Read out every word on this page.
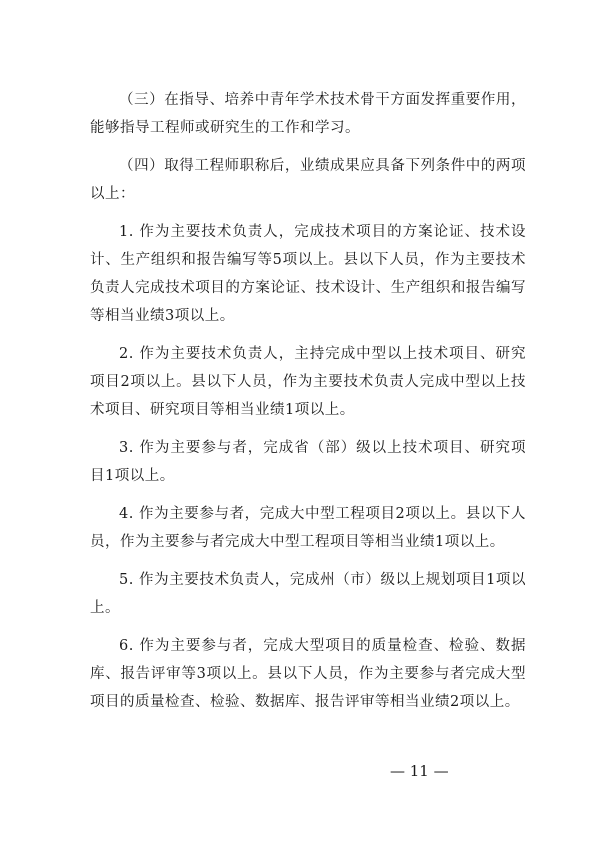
（三）在指导、培养中青年学术技术骨干方面发挥重要作用，能够指导工程师或研究生的工作和学习。

（四）取得工程师职称后，业绩成果应具备下列条件中的两项以上：

1. 作为主要技术负责人，完成技术项目的方案论证、技术设计、生产组织和报告编写等5项以上。县以下人员，作为主要技术负责人完成技术项目的方案论证、技术设计、生产组织和报告编写等相当业绩3项以上。

2. 作为主要技术负责人，主持完成中型以上技术项目、研究项目2项以上。县以下人员，作为主要技术负责人完成中型以上技术项目、研究项目等相当业绩1项以上。

3. 作为主要参与者，完成省（部）级以上技术项目、研究项目1项以上。

4. 作为主要参与者，完成大中型工程项目2项以上。县以下人员，作为主要参与者完成大中型工程项目等相当业绩1项以上。

5. 作为主要技术负责人，完成州（市）级以上规划项目1项以上。

6. 作为主要参与者，完成大型项目的质量检查、检验、数据库、报告评审等3项以上。县以下人员，作为主要参与者完成大型项目的质量检查、检验、数据库、报告评审等相当业绩2项以上。

— 11 —
